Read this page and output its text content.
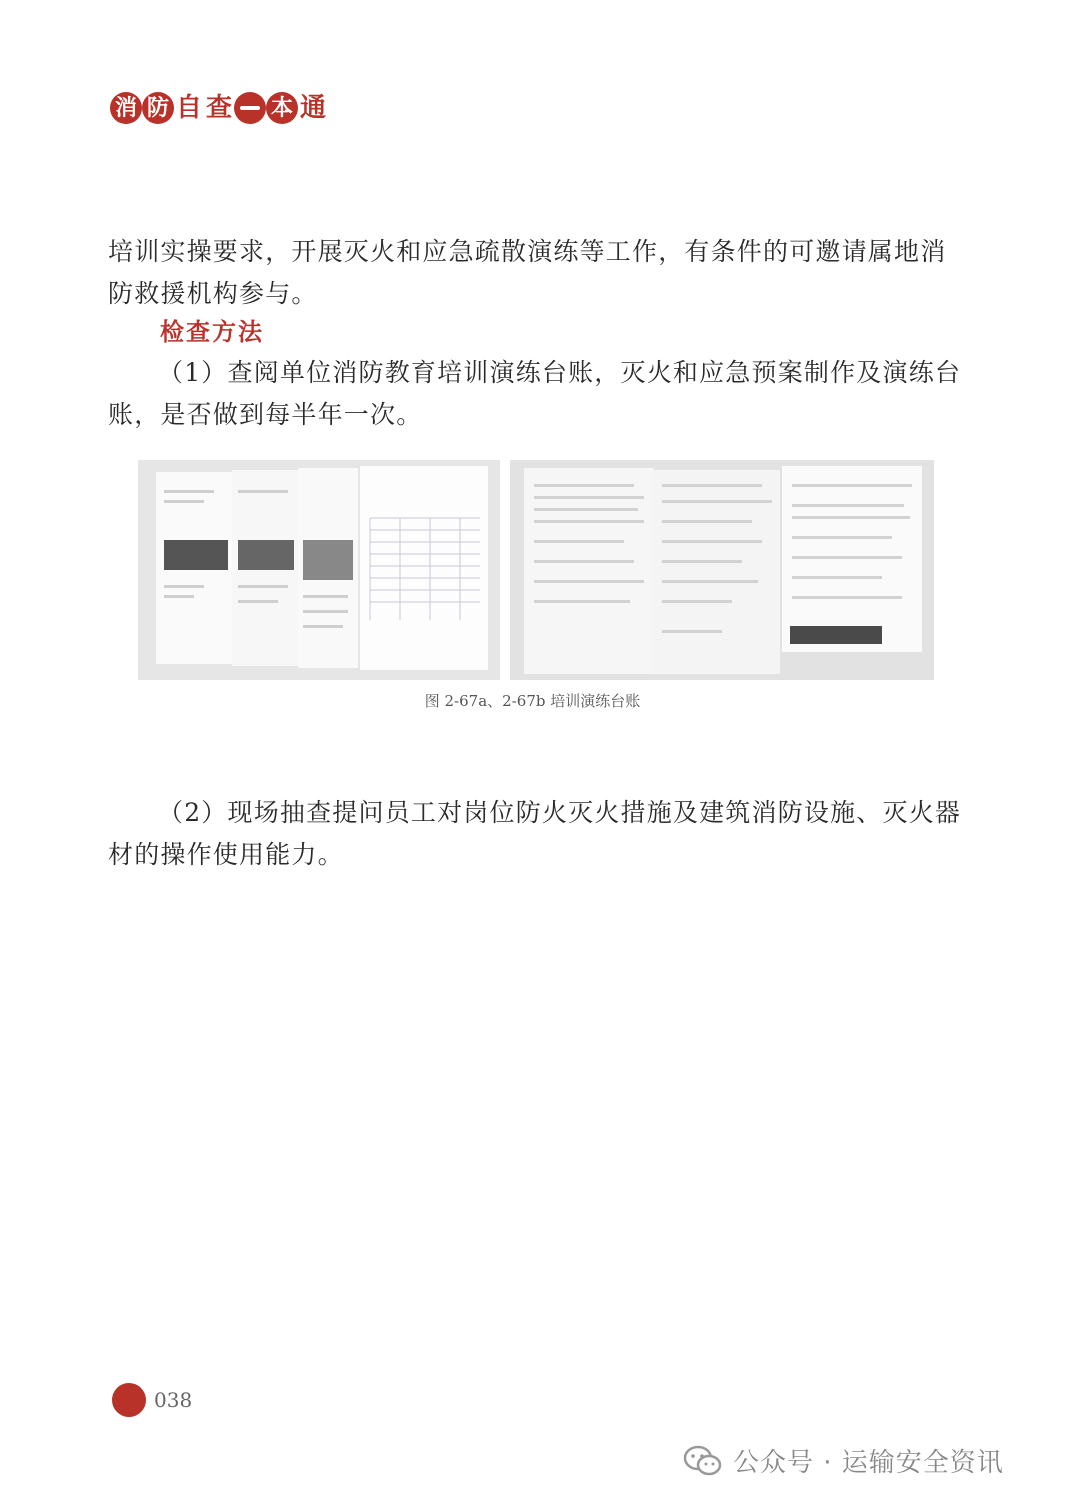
消 防 自 查 本 通

培训实操要求，开展灭火和应急疏散演练等工作，有条件的可邀请属地消防救援机构参与。

检查方法

（1）查阅单位消防教育培训演练台账，灭火和应急预案制作及演练台账，是否做到每半年一次。

图 2-67a、2-67b 培训演练台账

（2）现场抽查提问员工对岗位防火灭火措施及建筑消防设施、灭火器材的操作使用能力。

038
公众号 · 运输安全资讯
